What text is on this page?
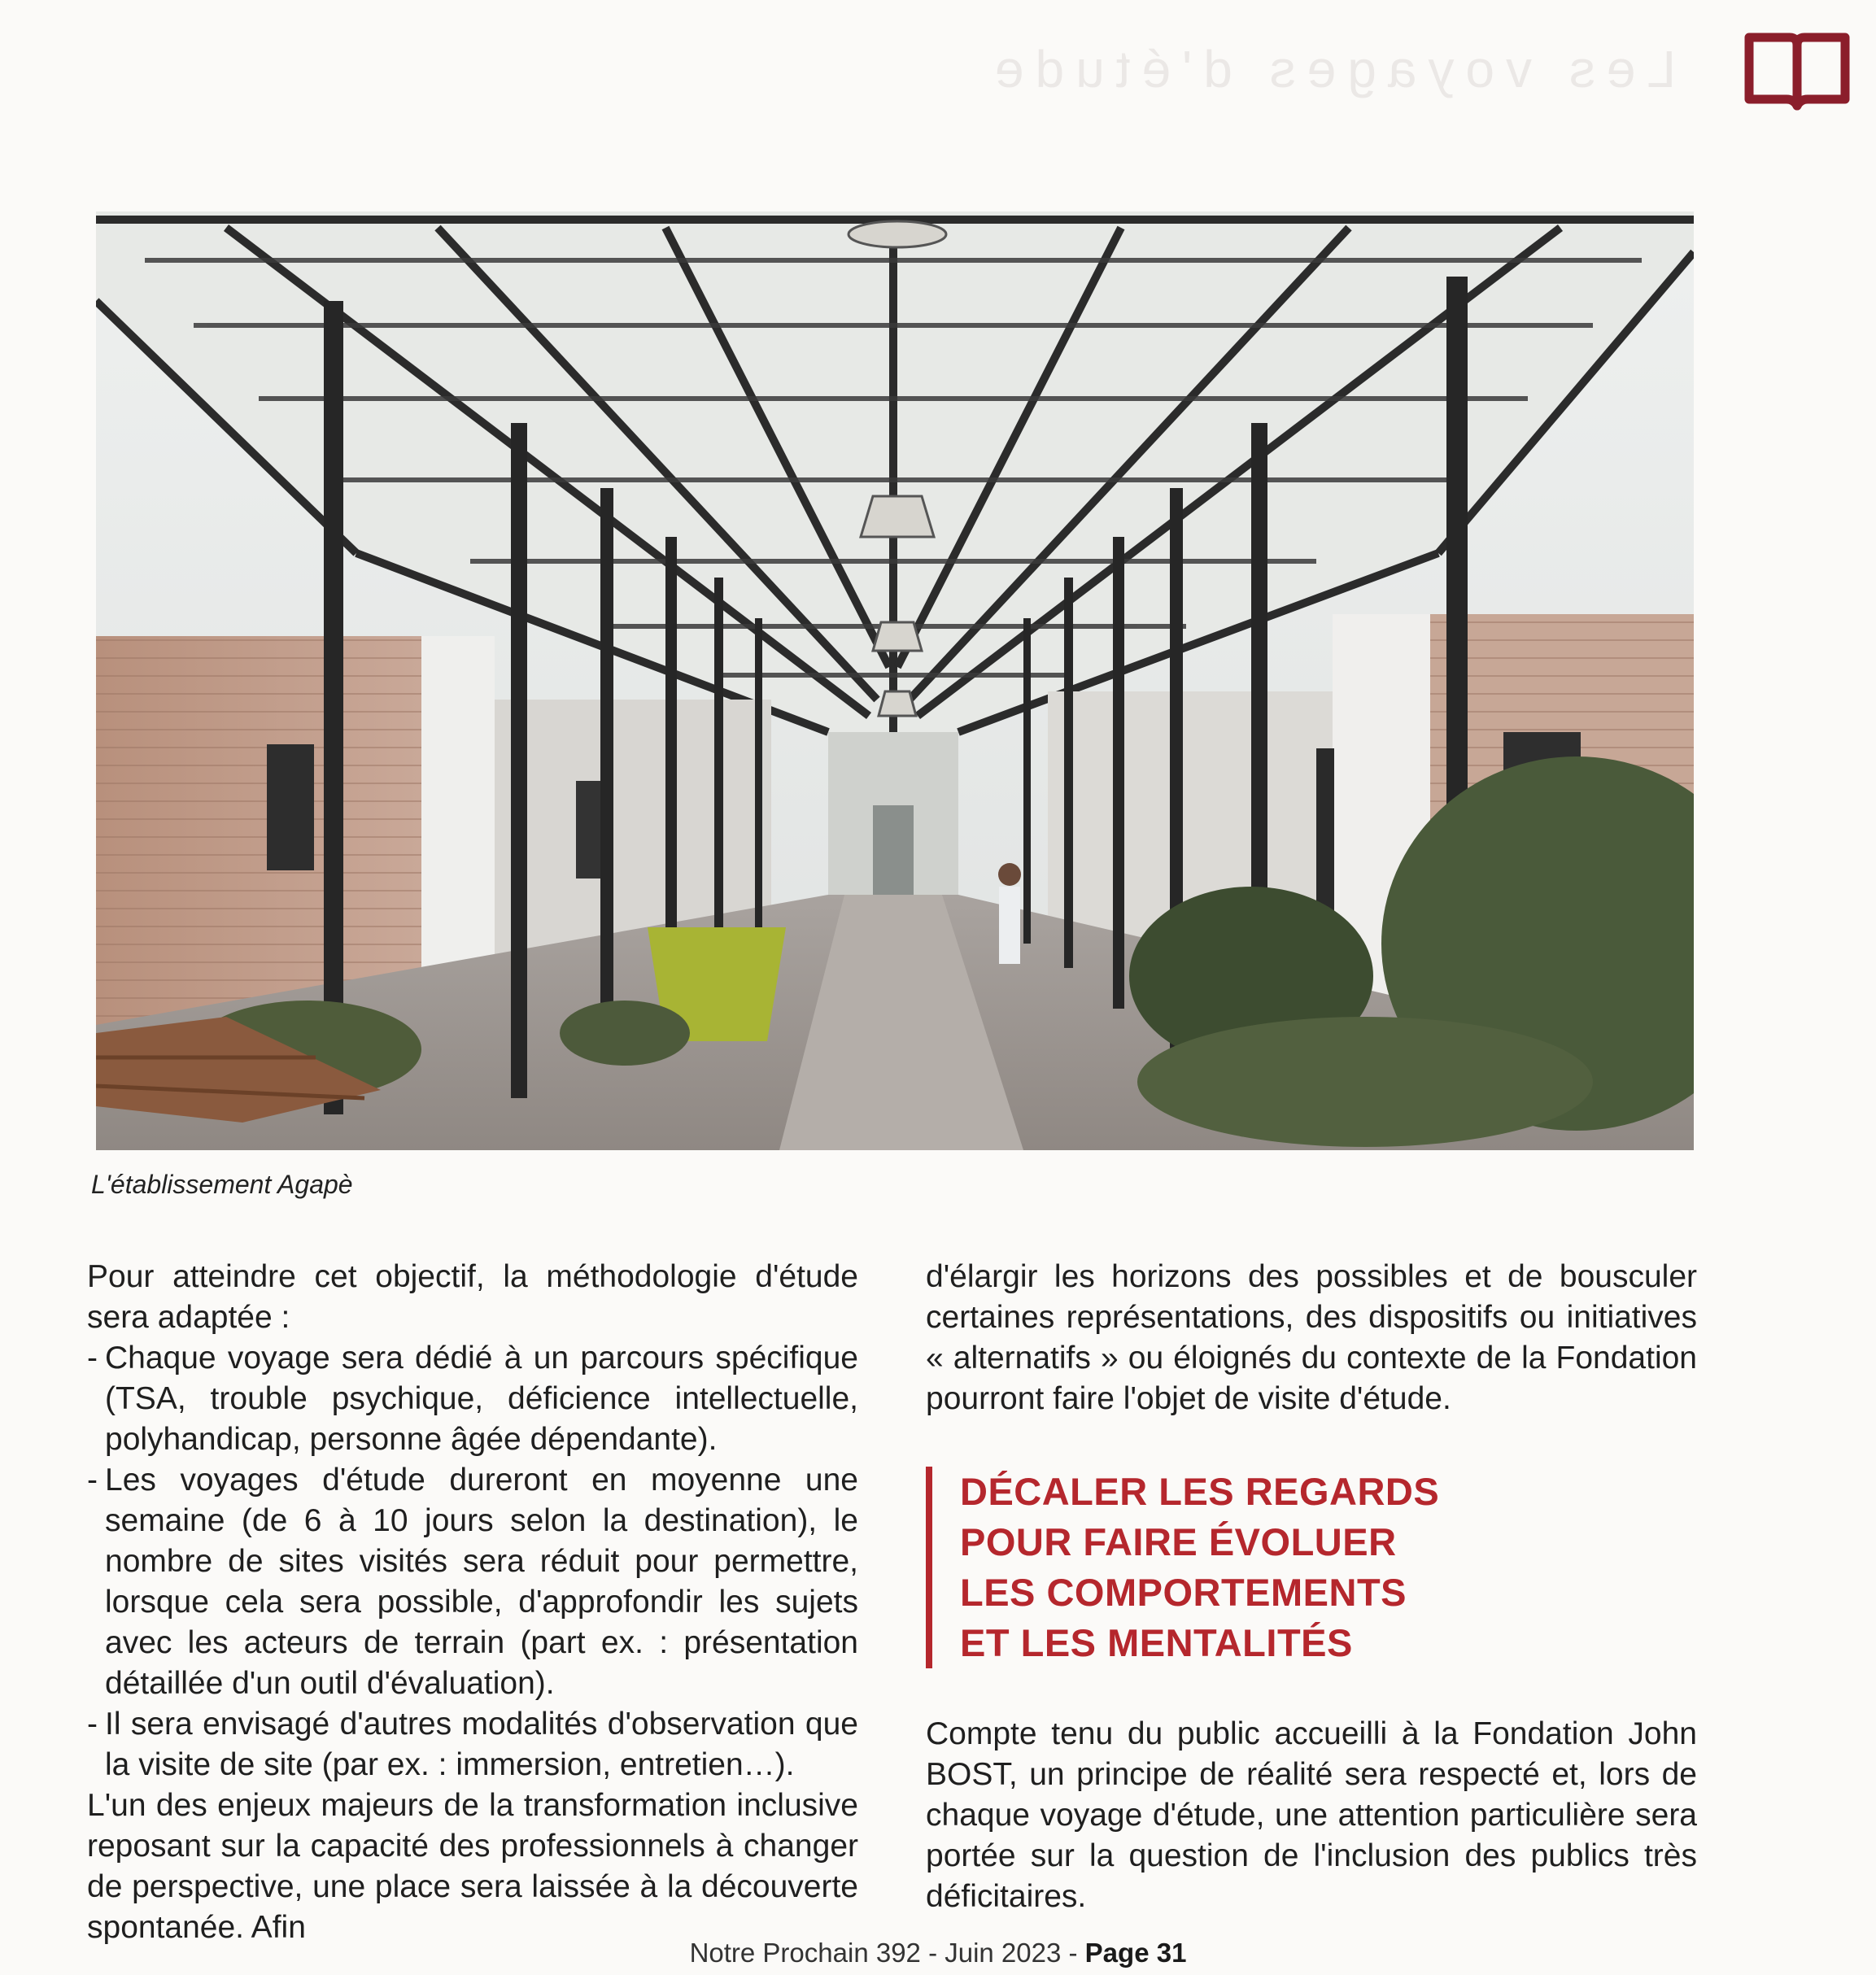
Les voyages d'étude
L'établissement Agapè

Pour atteindre cet objectif, la méthodologie d'étude sera adaptée :

- Chaque voyage sera dédié à un parcours spécifique (TSA, trouble psychique, déficience intellectuelle, polyhandicap, personne âgée dépendante).
- Les voyages d'étude dureront en moyenne une semaine (de 6 à 10 jours selon la destination), le nombre de sites visités sera réduit pour permettre, lorsque cela sera possible, d'approfondir les sujets avec les acteurs de terrain (part ex. : présentation détaillée d'un outil d'évaluation).
- Il sera envisagé d'autres modalités d'observation que la visite de site (par ex. : immersion, entretien…).

L'un des enjeux majeurs de la transformation inclusive reposant sur la capacité des professionnels à changer de perspective, une place sera laissée à la découverte spontanée. Afin

d'élargir les horizons des possibles et de bousculer certaines représentations, des dispositifs ou initiatives « alternatifs » ou éloignés du contexte de la Fondation pourront faire l'objet de visite d'étude.

DÉCALER LES REGARDS
POUR FAIRE ÉVOLUER
LES COMPORTEMENTS
ET LES MENTALITÉS

Compte tenu du public accueilli à la Fondation John BOST, un principe de réalité sera respecté et, lors de chaque voyage d'étude, une attention particulière sera portée sur la question de l'inclusion des publics très déficitaires.

Notre Prochain 392 - Juin 2023 - Page 31
